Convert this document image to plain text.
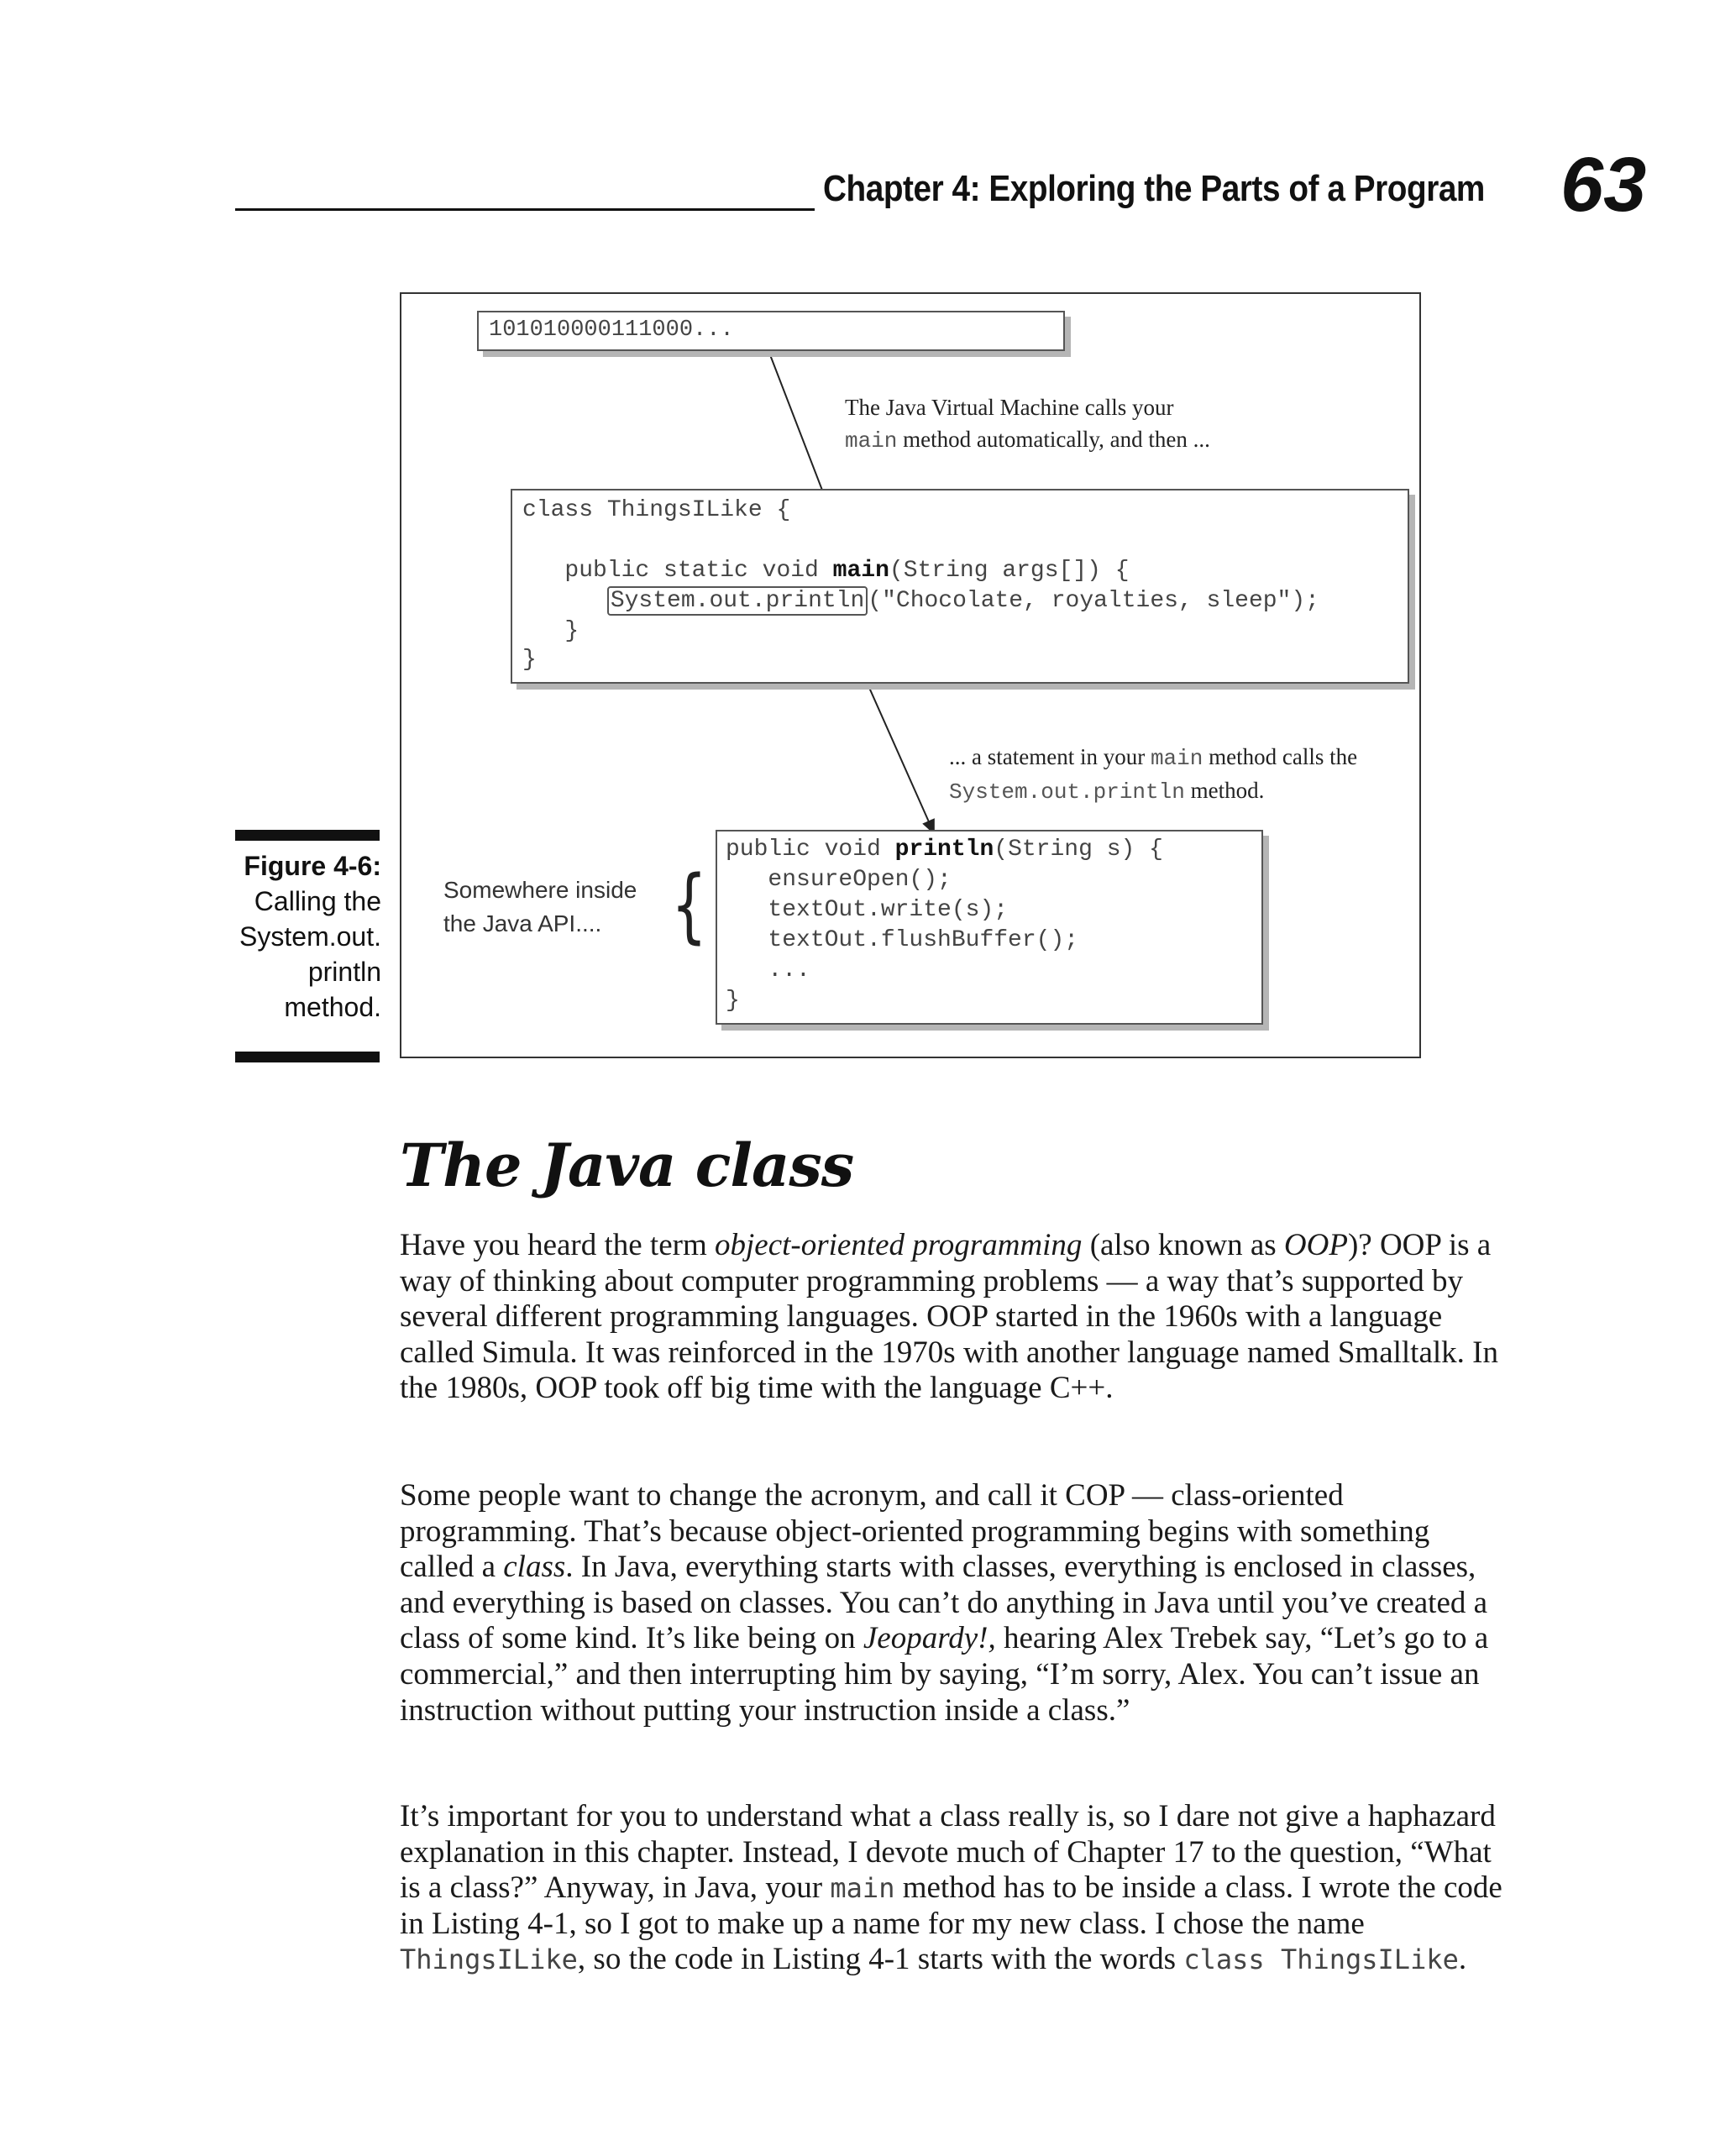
Chapter 4: Exploring the Parts of a Program 63
Figure 4-6:
Calling the
System.out.
println
method.
101010000111000...
The Java Virtual Machine calls your
main method automatically, and then ...
class ThingsILike {
public static void main(String args[]) {
System.out.println ("Chocolate, royalties, sleep");
}
}
... a statement in your main method calls the
System.out.println method.
Somewhere inside
the Java API.... {
public void println(String s) {
ensureOpen();
textOut.write(s);
textOut.flushBuffer();
...
}
The Java class

Have you heard the term object-oriented programming (also known as OOP)? OOP is a way of thinking about computer programming problems — a way that’s supported by several different programming languages. OOP started in the 1960s with a language called Simula. It was reinforced in the 1970s with another language named Smalltalk. In the 1980s, OOP took off big time with the language C++.

Some people want to change the acronym, and call it COP — class-oriented programming. That’s because object-oriented programming begins with something called a class. In Java, everything starts with classes, everything is enclosed in classes, and everything is based on classes. You can’t do anything in Java until you’ve created a class of some kind. It’s like being on Jeopardy!, hearing Alex Trebek say, “Let’s go to a commercial,” and then interrupting him by saying, “I’m sorry, Alex. You can’t issue an instruction without putting your instruction inside a class.”

It’s important for you to understand what a class really is, so I dare not give a haphazard explanation in this chapter. Instead, I devote much of Chapter 17 to the question, “What is a class?” Anyway, in Java, your main method has to be inside a class. I wrote the code in Listing 4-1, so I got to make up a name for my new class. I chose the name ThingsILike, so the code in Listing 4-1 starts with the words class ThingsILike.
